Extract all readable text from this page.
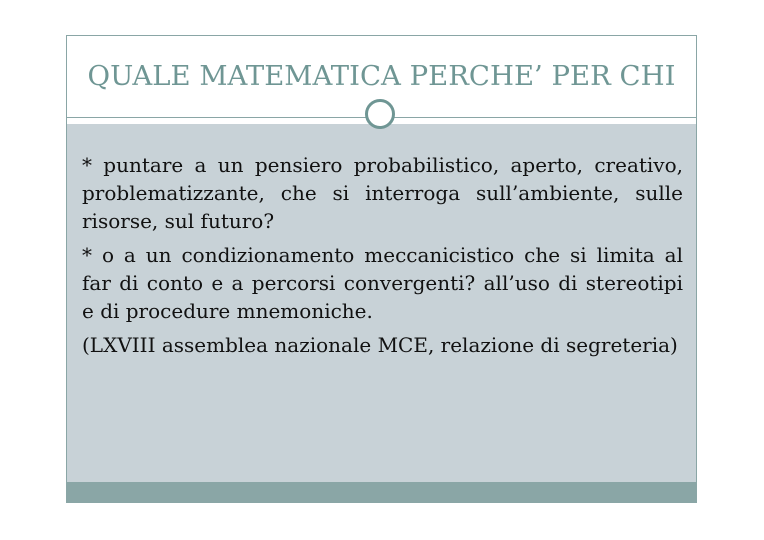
QUALE MATEMATICA PERCHE’ PER CHI

* puntare a un pensiero probabilistico, aperto, creativo, problematizzante, che si interroga sull’ambiente, sulle risorse, sul futuro?

* o a un condizionamento meccanicistico che si limita al far di conto e a percorsi convergenti? all’uso di stereotipi e di procedure mnemoniche.

(LXVIII assemblea nazionale MCE, relazione di segreteria)
